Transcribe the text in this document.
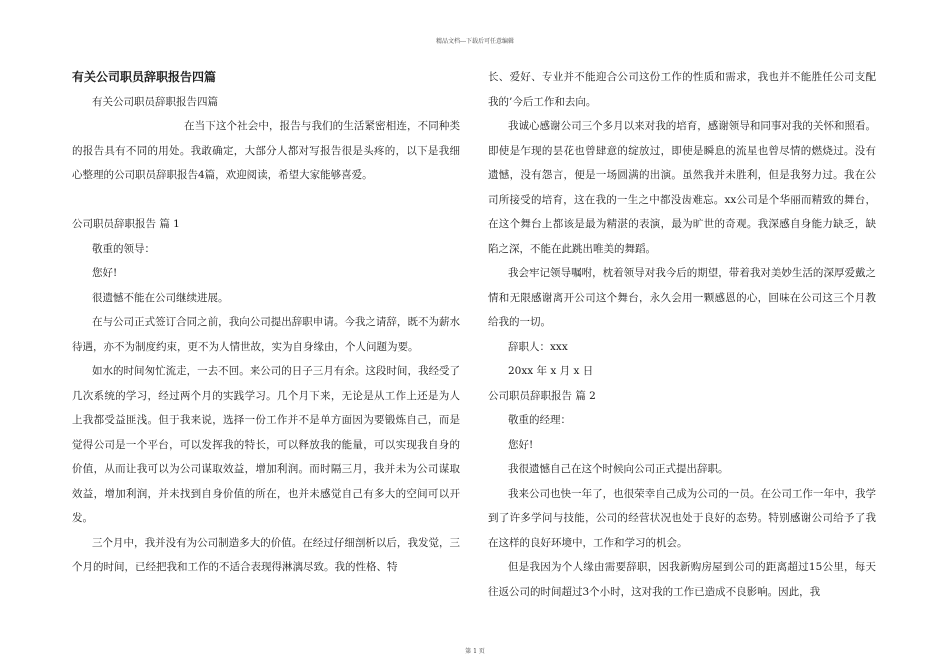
精品文档---下载后可任意编辑

有关公司职员辞职报告四篇

有关公司职员辞职报告四篇

在当下这个社会中，报告与我们的生活紧密相连，不同种类的报告具有不同的用处。我敢确定，大部分人都对写报告很是头疼的，以下是我细心整理的公司职员辞职报告4篇，欢迎阅读，希望大家能够喜爱。

公司职员辞职报告 篇 1

敬重的领导：

您好!

很遗憾不能在公司继续进展。

在与公司正式签订合同之前，我向公司提出辞职申请。今我之请辞，既不为薪水待遇，亦不为制度约束，更不为人情世故，实为自身缘由，个人问题为要。

如水的时间匆忙流走，一去不回。来公司的日子三月有余。这段时间，我经受了几次系统的学习，经过两个月的实践学习。几个月下来，无论是从工作上还是为人上我都受益匪浅。但于我来说，选择一份工作并不是单方面因为要锻炼自己，而是觉得公司是一个平台，可以发挥我的特长，可以释放我的能量，可以实现我自身的价值，从而让我可以为公司谋取效益，增加利润。而时隔三月，我并未为公司谋取效益，增加利润，并未找到自身价值的所在，也并未感觉自己有多大的空间可以开发。

三个月中，我并没有为公司制造多大的价值。在经过仔细剖析以后，我发觉，三个月的时间，已经把我和工作的不适合表现得淋漓尽致。我的性格、特

长、爱好、专业并不能迎合公司这份工作的性质和需求，我也并不能胜任公司支配我的’今后工作和去向。

我诚心感谢公司三个多月以来对我的培育，感谢领导和同事对我的关怀和照看。即使是乍现的昙花也曾肆意的绽放过，即使是瞬息的流星也曾尽情的燃烧过。没有遗憾，没有怨言，便是一场圆满的出演。虽然我并未胜利，但是我努力过。我在公司所接受的培育，这在我的一生之中都没齿难忘。xx公司是个华丽而精致的舞台，在这个舞台上都该是最为精湛的表演，最为旷世的奇观。我深感自身能力缺乏，缺陷之深，不能在此跳出唯美的舞蹈。

我会牢记领导嘱咐，枕着领导对我今后的期望，带着我对美妙生活的深厚爱戴之情和无限感谢离开公司这个舞台，永久会用一颗感恩的心，回味在公司这三个月教给我的一切。

辞职人：xxx

20xx 年 x 月 x 日

公司职员辞职报告 篇 2

敬重的经理：

您好!

我很遗憾自己在这个时候向公司正式提出辞职。

我来公司也快一年了，也很荣幸自己成为公司的一员。在公司工作一年中，我学到了许多学问与技能，公司的经营状况也处于良好的态势。特别感谢公司给予了我在这样的良好环境中，工作和学习的机会。

但是我因为个人缘由需要辞职，因我新购房屋到公司的距离超过15公里，每天往返公司的时间超过3个小时，这对我的工作已造成不良影响。因此，我

第 1 页
